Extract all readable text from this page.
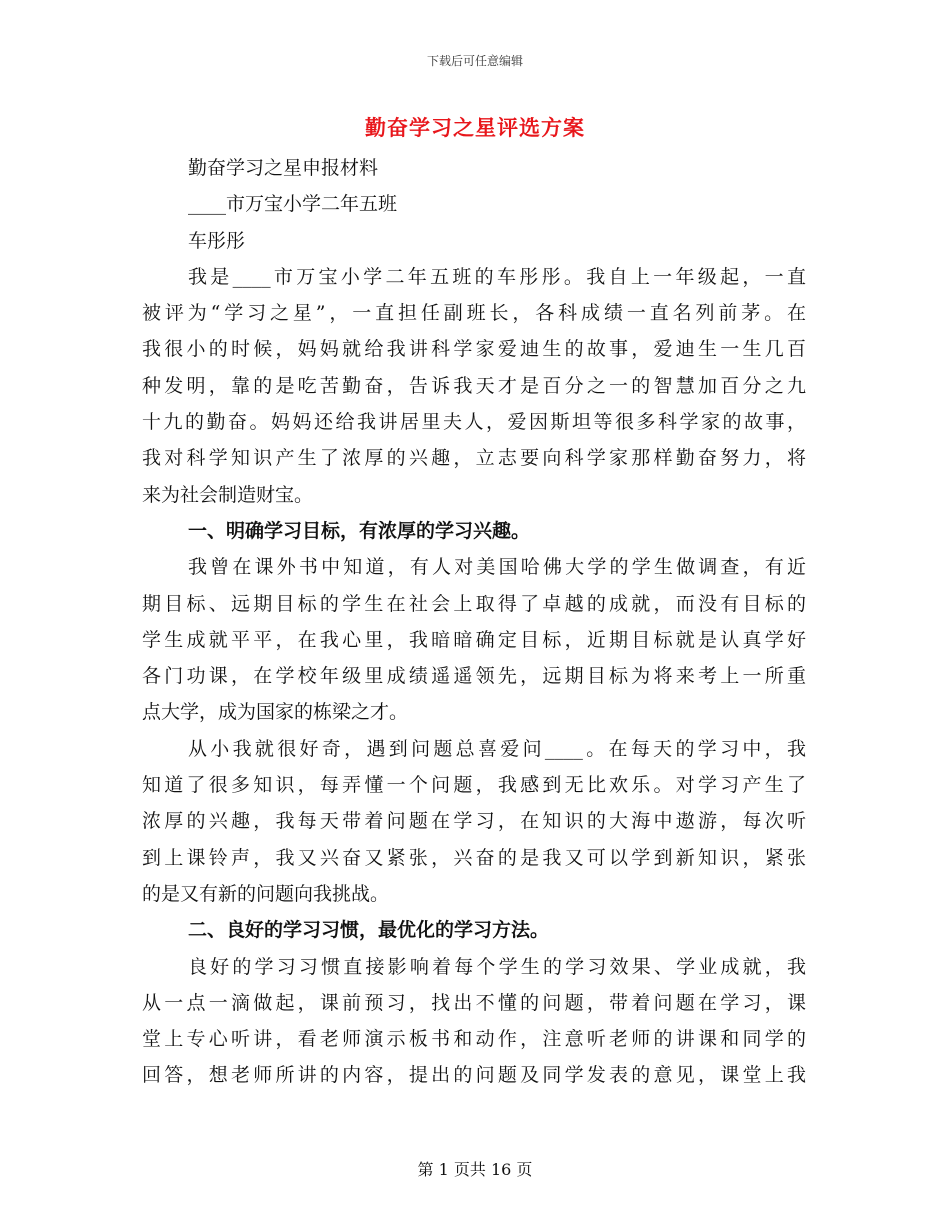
下载后可任意编辑
勤奋学习之星评选方案
勤奋学习之星申报材料
____市万宝小学二年五班
车彤彤
我是____市万宝小学二年五班的车彤彤。我自上一年级起，一直
被评为“学习之星”，一直担任副班长，各科成绩一直名列前茅。在
我很小的时候，妈妈就给我讲科学家爱迪生的故事，爱迪生一生几百
种发明，靠的是吃苦勤奋，告诉我天才是百分之一的智慧加百分之九
十九的勤奋。妈妈还给我讲居里夫人，爱因斯坦等很多科学家的故事，
我对科学知识产生了浓厚的兴趣，立志要向科学家那样勤奋努力，将
来为社会制造财宝。
一、明确学习目标，有浓厚的学习兴趣。
我曾在课外书中知道，有人对美国哈佛大学的学生做调查，有近
期目标、远期目标的学生在社会上取得了卓越的成就，而没有目标的
学生成就平平，在我心里，我暗暗确定目标，近期目标就是认真学好
各门功课，在学校年级里成绩遥遥领先，远期目标为将来考上一所重
点大学，成为国家的栋梁之才。
从小我就很好奇，遇到问题总喜爱问____。在每天的学习中，我
知道了很多知识，每弄懂一个问题，我感到无比欢乐。对学习产生了
浓厚的兴趣，我每天带着问题在学习，在知识的大海中遨游，每次听
到上课铃声，我又兴奋又紧张，兴奋的是我又可以学到新知识，紧张
的是又有新的问题向我挑战。
二、良好的学习习惯，最优化的学习方法。
良好的学习习惯直接影响着每个学生的学习效果、学业成就，我
从一点一滴做起，课前预习，找出不懂的问题，带着问题在学习，课
堂上专心听讲，看老师演示板书和动作，注意听老师的讲课和同学的
回答，想老师所讲的内容，提出的问题及同学发表的意见，课堂上我
第 1 页共 16 页
